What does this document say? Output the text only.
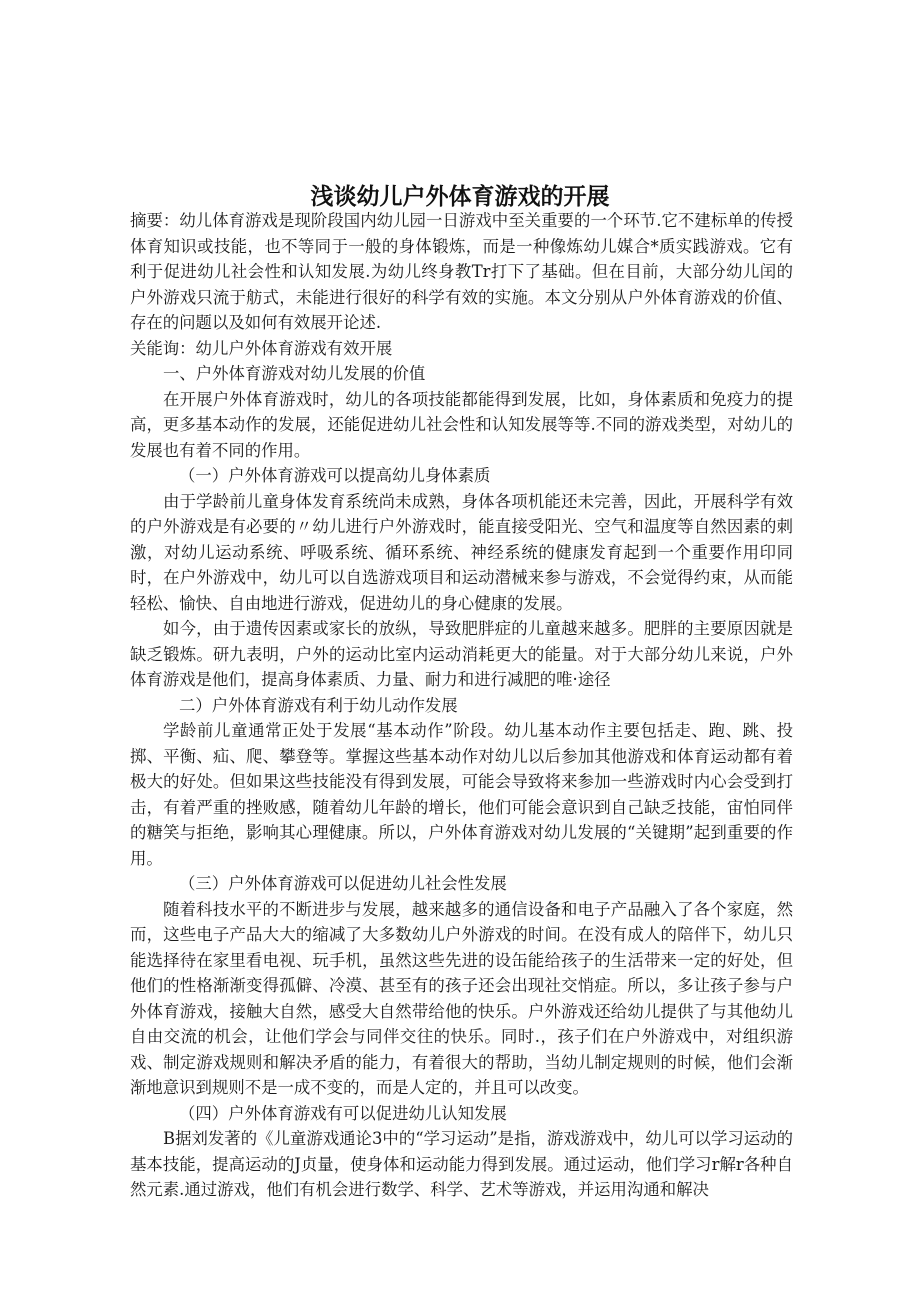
浅谈幼儿户外体育游戏的开展

摘要：幼儿体育游戏是现阶段国内幼儿园一日游戏中至关重要的一个环节.它不建标单的传授体育知识或技能，也不等同于一般的身体锻炼，而是一种像炼幼儿媒合*质实践游戏。它有利于促进幼儿社会性和认知发展.为幼儿终身教Tr打下了基础。但在目前，大部分幼儿闰的户外游戏只流于舫式，未能进行很好的科学有效的实施。本文分别从户外体育游戏的价值、存在的问题以及如何有效展开论述.

关能询：幼儿户外体育游戏有效开展

一、户外体育游戏对幼儿发展的价值

在开展户外体育游戏时，幼儿的各项技能都能得到发展，比如，身体素质和免疫力的提高，更多基本动作的发展，还能促进幼儿社会性和认知发展等等.不同的游戏类型，对幼儿的发展也有着不同的作用。

（一）户外体育游戏可以提高幼儿身体素质

由于学龄前儿童身体发育系统尚未成熟，身体各项机能还未完善，因此，开展科学有效的户外游戏是有必要的〃幼儿进行户外游戏时，能直接受阳光、空气和温度等自然因素的刺激，对幼儿运动系统、呼吸系统、循环系统、神经系统的健康发育起到一个重要作用印同时，在户外游戏中，幼儿可以自选游戏项目和运动潜械来参与游戏，不会觉得约束，从而能轻松、愉快、自由地进行游戏，促进幼儿的身心健康的发展。

如今，由于遗传因素或家长的放纵，导致肥胖症的儿童越来越多。肥胖的主要原因就是缺乏锻炼。研九表明，户外的运动比室内运动消耗更大的能量。对于大部分幼儿来说，户外体育游戏是他们，提高身体素质、力量、耐力和进行减肥的唯·途径

二）户外体育游戏有利于幼儿动作发展

学龄前儿童通常正处于发展“基本动作”阶段。幼儿基本动作主要包括走、跑、跳、投掷、平衡、疝、爬、攀登等。掌握这些基本动作对幼儿以后参加其他游戏和体育运动都有着极大的好处。但如果这些技能没有得到发展，可能会导致将来参加一些游戏时内心会受到打击，有着严重的挫败感，随着幼儿年龄的增长，他们可能会意识到自己缺乏技能，宙怕同伴的糖笑与拒绝，影响其心理健康。所以，户外体育游戏对幼儿发展的“关键期”起到重要的作用。

（三）户外体育游戏可以促进幼儿社会性发展

随着科技水平的不断进步与发展，越来越多的通信设备和电子产品融入了各个家庭，然而，这些电子产品大大的缩减了大多数幼儿户外游戏的时间。在没有成人的陪伴下，幼儿只能选择待在家里看电视、玩手机，虽然这些先进的设缶能给孩子的生活带来一定的好处，但他们的性格渐渐变得孤僻、冷漠、甚至有的孩子还会出现社交悄症。所以，多让孩子参与户外体育游戏，接触大自然，感受大自然带给他的快乐。户外游戏还给幼儿提供了与其他幼儿自由交流的机会，让他们学会与同伴交往的快乐。同时.，孩子们在户外游戏中，对组织游戏、制定游戏规则和解决矛盾的能力，有着很大的帮助，当幼儿制定规则的时候，他们会渐渐地意识到规则不是一成不变的，而是人定的，并且可以改变。

（四）户外体育游戏有可以促进幼儿认知发展

B据刘发著的《儿童游戏通论3中的“学习运动”是指，游戏游戏中，幼儿可以学习运动的基本技能，提高运动的J贞量，使身体和运动能力得到发展。通过运动，他们学习r解r各种自然元素.通过游戏，他们有机会进行数学、科学、艺术等游戏，并运用沟通和解决
